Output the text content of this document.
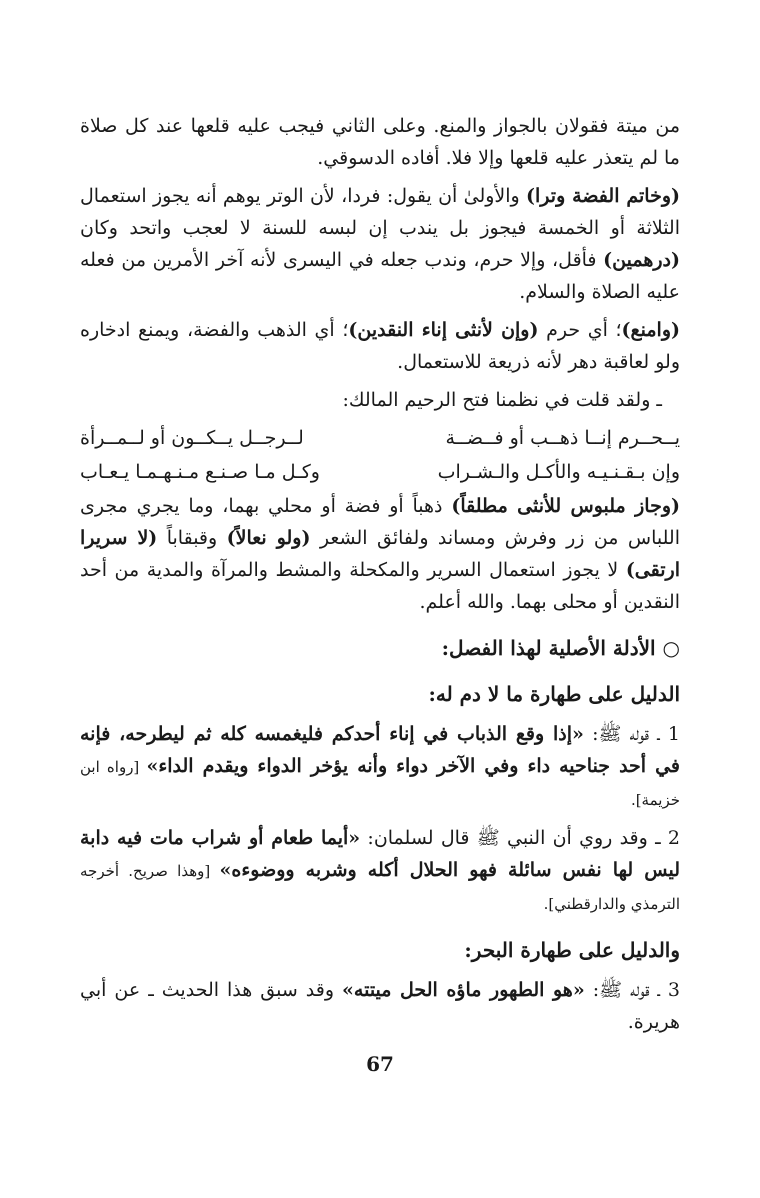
من ميتة فقولان بالجواز والمنع. وعلى الثاني فيجب عليه قلعها عند كل صلاة ما لم يتعذر عليه قلعها وإلا فلا. أفاده الدسوقي.

(وخاتم الفضة وترا) والأولىٰ أن يقول: فردا، لأن الوتر يوهم أنه يجوز استعمال الثلاثة أو الخمسة فيجوز بل يندب إن لبسه للسنة لا لعجب واتحد وكان (درهمين) فأقل، وإلا حرم، وندب جعله في اليسرى لأنه آخر الأمرين من فعله عليه الصلاة والسلام.

(وامنع)؛ أي حرم (وإن لأنثى إناء النقدين)؛ أي الذهب والفضة، ويمنع ادخاره ولو لعاقبة دهر لأنه ذريعة للاستعمال.

ـ ولقد قلت في نظمنا فتح الرحيم المالك:

يــحــرم إنــا ذهــب أو فــضــة
لــرجــل يــكــون أو لــمــرأة
وإن بـقـنـيـه والأكـل والـشـراب
وكـل مـا صـنـع مـنـهـمـا يـعـاب

(وجاز ملبوس للأنثى مطلقاً) ذهباً أو فضة أو محلي بهما، وما يجري مجرى اللباس من زر وفرش ومساند ولفائق الشعر (ولو نعالاً) وقبقاباً (لا سريرا ارتقى) لا يجوز استعمال السرير والمكحلة والمشط والمرآة والمدية من أحد النقدين أو محلى بهما. والله أعلم.

○ الأدلة الأصلية لهذا الفصل:
الدليل على طهارة ما لا دم له:

1 ـ قوله ﷺ: «إذا وقع الذباب في إناء أحدكم فليغمسه كله ثم ليطرحه، فإنه في أحد جناحيه داء وفي الآخر دواء وأنه يؤخر الدواء ويقدم الداء» [رواه ابن خزيمة].

2 ـ وقد روي أن النبي ﷺ قال لسلمان: «أيما طعام أو شراب مات فيه دابة ليس لها نفس سائلة فهو الحلال أكله وشربه ووضوءه» [وهذا صريح. أخرجه الترمذي والدارقطني].

والدليل على طهارة البحر:

3 ـ قوله ﷺ: «هو الطهور ماؤه الحل ميتته» وقد سبق هذا الحديث ـ عن أبي هريرة.

67
